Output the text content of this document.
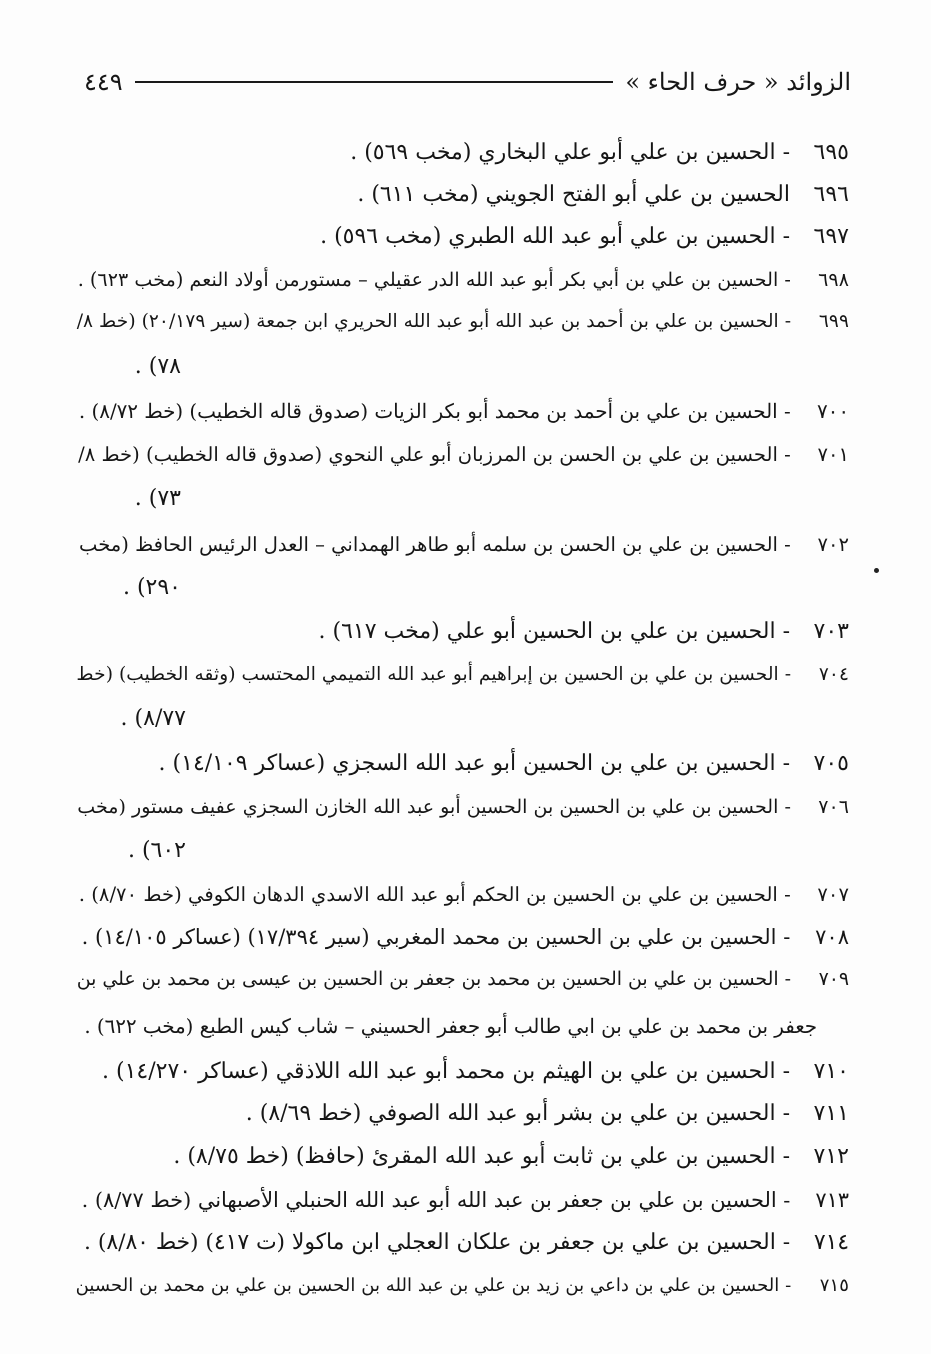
الزوائد « حرف الحاء »
٤٤٩
٦٩٥ - الحسين بن علي أبو علي البخاري (مخب ٥٦٩) .
٦٩٦ الحسين بن علي أبو الفتح الجويني (مخب ٦١١) .
٦٩٧ - الحسين بن علي أبو عبد الله الطبري (مخب ٥٩٦) .
٦٩٨ - الحسين بن علي بن أبي بكر أبو عبد الله الدر عقيلي – مستورمن أولاد النعم (مخب ٦٢٣) .
٦٩٩ - الحسين بن علي بن أحمد بن عبد الله أبو عبد الله الحريري ابن جمعة (سير ٢٠/١٧٩) (خط ٨/
٧٨) .
٧٠٠ - الحسين بن علي بن أحمد بن محمد أبو بكر الزيات (صدوق قاله الخطيب) (خط ٨/٧٢) .
٧٠١ - الحسين بن علي بن الحسن بن المرزبان أبو علي النحوي (صدوق قاله الخطيب) (خط ٨/
٧٣) .
٧٠٢ - الحسين بن علي بن الحسن بن سلمه أبو طاهر الهمداني – العدل الرئيس الحافظ (مخب
٢٩٠) .
٧٠٣ - الحسين بن علي بن الحسين أبو علي (مخب ٦١٧) .
٧٠٤ - الحسين بن علي بن الحسين بن إبراهيم أبو عبد الله التميمي المحتسب (وثقه الخطيب) (خط
٨/٧٧) .
٧٠٥ - الحسين بن علي بن الحسين أبو عبد الله السجزي (عساكر ١٤/١٠٩) .
٧٠٦ - الحسين بن علي بن الحسين بن الحسين أبو عبد الله الخازن السجزي عفيف مستور (مخب
٦٠٢) .
٧٠٧ - الحسين بن علي بن الحسين بن الحكم أبو عبد الله الاسدي الدهان الكوفي (خط ٨/٧٠) .
٧٠٨ - الحسين بن علي بن الحسين بن محمد المغربي (سير ١٧/٣٩٤) (عساكر ١٤/١٠٥) .
٧٠٩ - الحسين بن علي بن الحسين بن محمد بن جعفر بن الحسين بن عيسى بن محمد بن علي بن
جعفر بن محمد بن علي بن ابي طالب أبو جعفر الحسيني – شاب كيس الطبع (مخب ٦٢٢) .
٧١٠ - الحسين بن علي بن الهيثم بن محمد أبو عبد الله اللاذقي (عساكر ١٤/٢٧٠) .
٧١١ - الحسين بن علي بن بشر أبو عبد الله الصوفي (خط ٨/٦٩) .
٧١٢ - الحسين بن علي بن ثابت أبو عبد الله المقرئ (حافظ) (خط ٨/٧٥) .
٧١٣ - الحسين بن علي بن جعفر بن عبد الله أبو عبد الله الحنبلي الأصبهاني (خط ٨/٧٧) .
٧١٤ - الحسين بن علي بن جعفر بن علكان العجلي ابن ماكولا (ت ٤١٧) (خط ٨/٨٠) .
٧١٥ - الحسين بن علي بن داعي بن زيد بن علي بن عبد الله بن الحسين بن علي بن محمد بن الحسين
